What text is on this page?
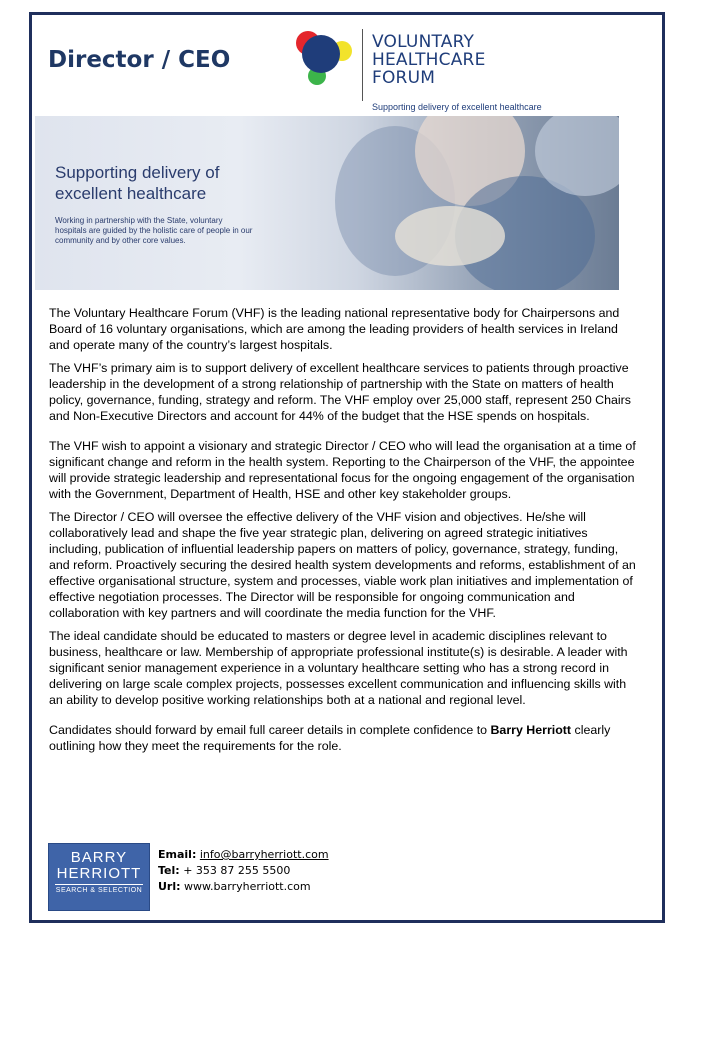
Director / CEO
VOLUNTARY
HEALTHCARE
FORUM
Supporting delivery of excellent healthcare
Supporting delivery of
excellent healthcare
Working in partnership with the State, voluntary hospitals are guided by the holistic care of people in our community and by other core values.

The Voluntary Healthcare Forum (VHF) is the leading national representative body for Chairpersons and Board of 16 voluntary organisations, which are among the leading providers of health services in Ireland and operate many of the country’s largest hospitals.

The VHF’s primary aim is to support delivery of excellent healthcare services to patients through proactive leadership in the development of a strong relationship of partnership with the State on matters of health policy, governance, funding, strategy and reform. The VHF employ over 25,000 staff, represent 250 Chairs and Non-Executive Directors and account for 44% of the budget that the HSE spends on hospitals.

The VHF wish to appoint a visionary and strategic Director / CEO who will lead the organisation at a time of significant change and reform in the health system. Reporting to the Chairperson of the VHF, the appointee will provide strategic leadership and representational focus for the ongoing engagement of the organisation with the Government, Department of Health, HSE and other key stakeholder groups.

The Director / CEO will oversee the effective delivery of the VHF vision and objectives. He/she will collaboratively lead and shape the five year strategic plan, delivering on agreed strategic initiatives including, publication of influential leadership papers on matters of policy, governance, strategy, funding, and reform. Proactively securing the desired health system developments and reforms, establishment of an effective organisational structure, system and processes, viable work plan initiatives and implementation of effective negotiation processes. The Director will be responsible for ongoing communication and collaboration with key partners and will coordinate the media function for the VHF.

The ideal candidate should be educated to masters or degree level in academic disciplines relevant to business, healthcare or law. Membership of appropriate professional institute(s) is desirable. A leader with significant senior management experience in a voluntary healthcare setting who has a strong record in delivering on large scale complex projects, possesses excellent communication and influencing skills with an ability to develop positive working relationships both at a national and regional level.

Candidates should forward by email full career details in complete confidence to Barry Herriott clearly outlining how they meet the requirements for the role.

BARRY
HERRIOTT
SEARCH & SELECTION
Email: info@barryherriott.com
Tel: + 353 87 255 5500
Url: www.barryherriott.com
